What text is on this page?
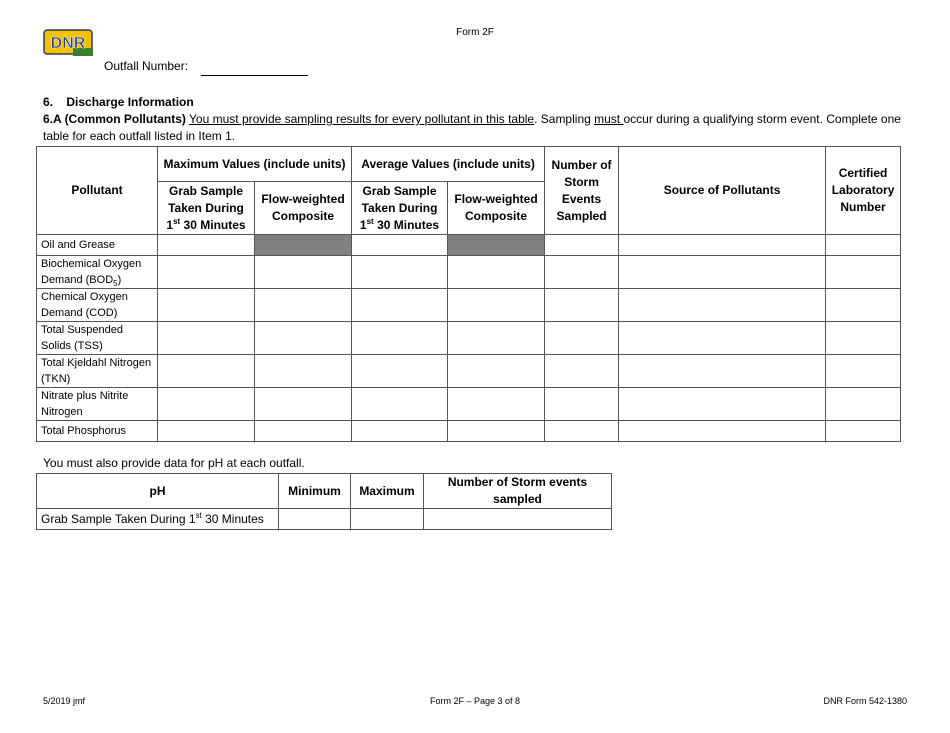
DNR
Form 2F
Outfall Number:
6.    Discharge Information
6.A (Common Pollutants) You must provide sampling results for every pollutant in this table. Sampling must occur during a qualifying storm event. Complete one table for each outfall listed in Item 1.
Pollutant	Maximum Values (include units)		Average Values (include units)		Number of Storm Events Sampled	Source of Pollutants	Certified Laboratory Number
	Grab Sample Taken During 1st 30 Minutes	Flow-weighted Composite	Grab Sample Taken During 1st 30 Minutes	Flow-weighted Composite			
Oil and Grease							
Biochemical Oxygen Demand $(BOD_5)$							
Chemical Oxygen Demand (COD)							
Total Suspended Solids (TSS)							
Total Kjeldahl Nitrogen (TKN)							
Nitrate plus Nitrite Nitrogen							
Total Phosphorus							
You must also provide data for pH at each outfall.
pH	Minimum	Maximum	Number of Storm events sampled
Grab Sample Taken During 1st 30 Minutes			
5/2019 jmf	Form 2F – Page 3 of 8	DNR Form 542-1380
